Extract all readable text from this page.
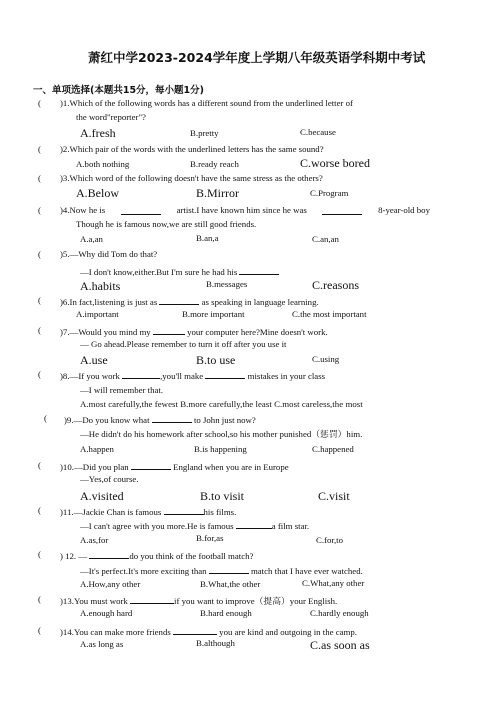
萧红中学2023-2024学年度上学期八年级英语学科期中考试
一、单项选择(本题共15分，每小题1分)
( )1.Which of the following words has a different sound from the underlined letter of
the word"reporter"?
A.fresh	B.pretty	C.because
( )2.Which pair of the words with the underlined letters has the same sound?
A.both nothing	B.ready reach	C.worse bored
( )3.Which word of the following doesn't have the same stress as the others?
A.Below	B.Mirror	C.Program
( )4.Now he is	artist.I have known him since he was	8-year-old boy
Though he is famous now,we are still good friends.
A.a,an	B.an,a	C.an,an
( )5.—Why did Tom do that?
—I don't know,either.But I'm sure he had his
A.habits	B.messages	C.reasons
( )6.In fact,listening is just as	as speaking in language learning.
A.important	B.more important	C.the most important
( )7.—Would you mind my	your computer here?Mine doesn't work.
— Go ahead.Please remember to turn it off after you use it
A.use	B.to use	C.using
( )8.—If you work	,you'll make	mistakes in your class
—I will remember that.
A.most carefully,the fewest B.more carefully,the least C.most careless,the most
( )9.—Do you know what	to John just now?
—He didn't do his homework after school,so his mother punished（惩罚）him.
A.happen	B.is happening	C.happened
( )10.—Did you plan	England when you are in Europe
—Yes,of course.
A.visited	B.to visit	C.visit
( )11.—Jackie Chan is famous	his films.
—I can't agree with you more.He is famous	a film star.
A.as,for	B.for,as	C.for,to
( ) 12. —	do you think of the football match?
—It's perfect.It's more exciting than	match that I have ever watched.
A.How,any other	B.What,the other	C.What,any other
( )13.You must work	if you want to improve（提高）your English.
A.enough hard	B.hard enough	C.hardly enough
( )14.You can make more friends	you are kind and outgoing in the camp.
A.as long as	B.although	C.as soon as
